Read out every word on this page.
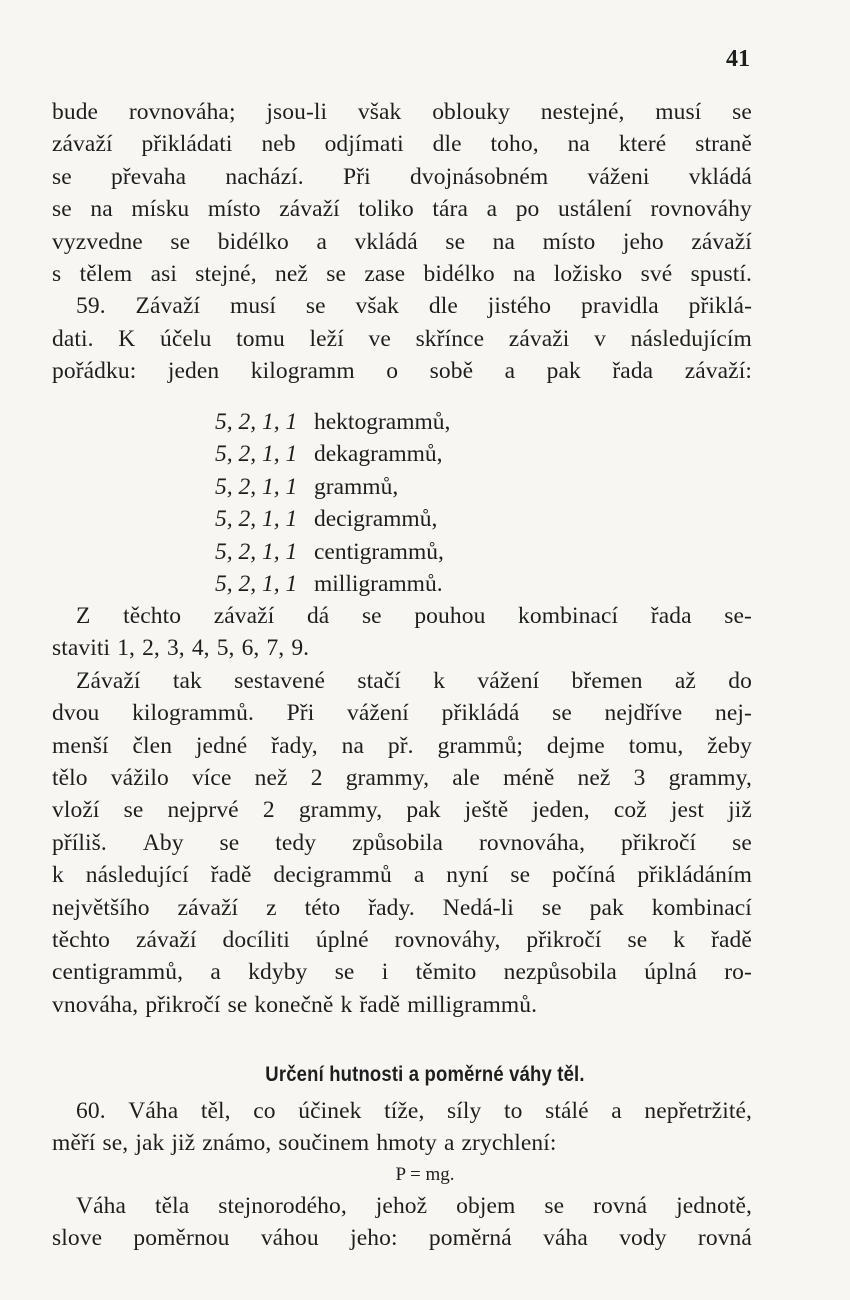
41
bude rovnováha; jsou-li však oblouky nestejné, musí se
závaží přikládati neb odjímati dle toho, na které straně
se převaha nachází. Při dvojnásobném váženi vkládá
se na mísku místo závaží toliko tára a po ustálení rovnováhy
vyzvedne se bidélko a vkládá se na místo jeho závaží
s tělem asi stejné, než se zase bidélko na ložisko své spustí.
59. Závaží musí se však dle jistého pravidla přiklá-
dati. K účelu tomu leží ve skřínce závaži v následujícím
pořádku: jeden kilogramm o sobě a pak řada závaží:
5, 2, 1, 1 hektogrammů,
5, 2, 1, 1 dekagrammů,
5, 2, 1, 1 grammů,
5, 2, 1, 1 decigrammů,
5, 2, 1, 1 centigrammů,
5, 2, 1, 1 milligrammů.
Z těchto závaží dá se pouhou kombinací řada se-
staviti 1, 2, 3, 4, 5, 6, 7, 9.
Závaží tak sestavené stačí k vážení břemen až do
dvou kilogrammů. Při vážení přikládá se nejdříve nej-
menší člen jedné řady, na př. grammů; dejme tomu, žeby
tělo vážilo více než 2 grammy, ale méně než 3 grammy,
vloží se nejprvé 2 grammy, pak ještě jeden, což jest již
příliš. Aby se tedy způsobila rovnováha, přikročí se
k následující řadě decigrammů a nyní se počíná přikládáním
největšího závaží z této řady. Nedá-li se pak kombinací
těchto závaží docíliti úplné rovnováhy, přikročí se k řadě
centigrammů, a kdyby se i těmito nezpůsobila úplná ro-
vnováha, přikročí se konečně k řadě milligrammů.
Určení hutnosti a poměrné váhy těl.
60. Váha těl, co účinek tíže, síly to stálé a nepřetržité,
měří se, jak již známo, součinem hmoty a zrychlení:
P = mg.
Váha těla stejnorodého, jehož objem se rovná jednotě,
slove poměrnou váhou jeho: poměrná váha vody rovná
